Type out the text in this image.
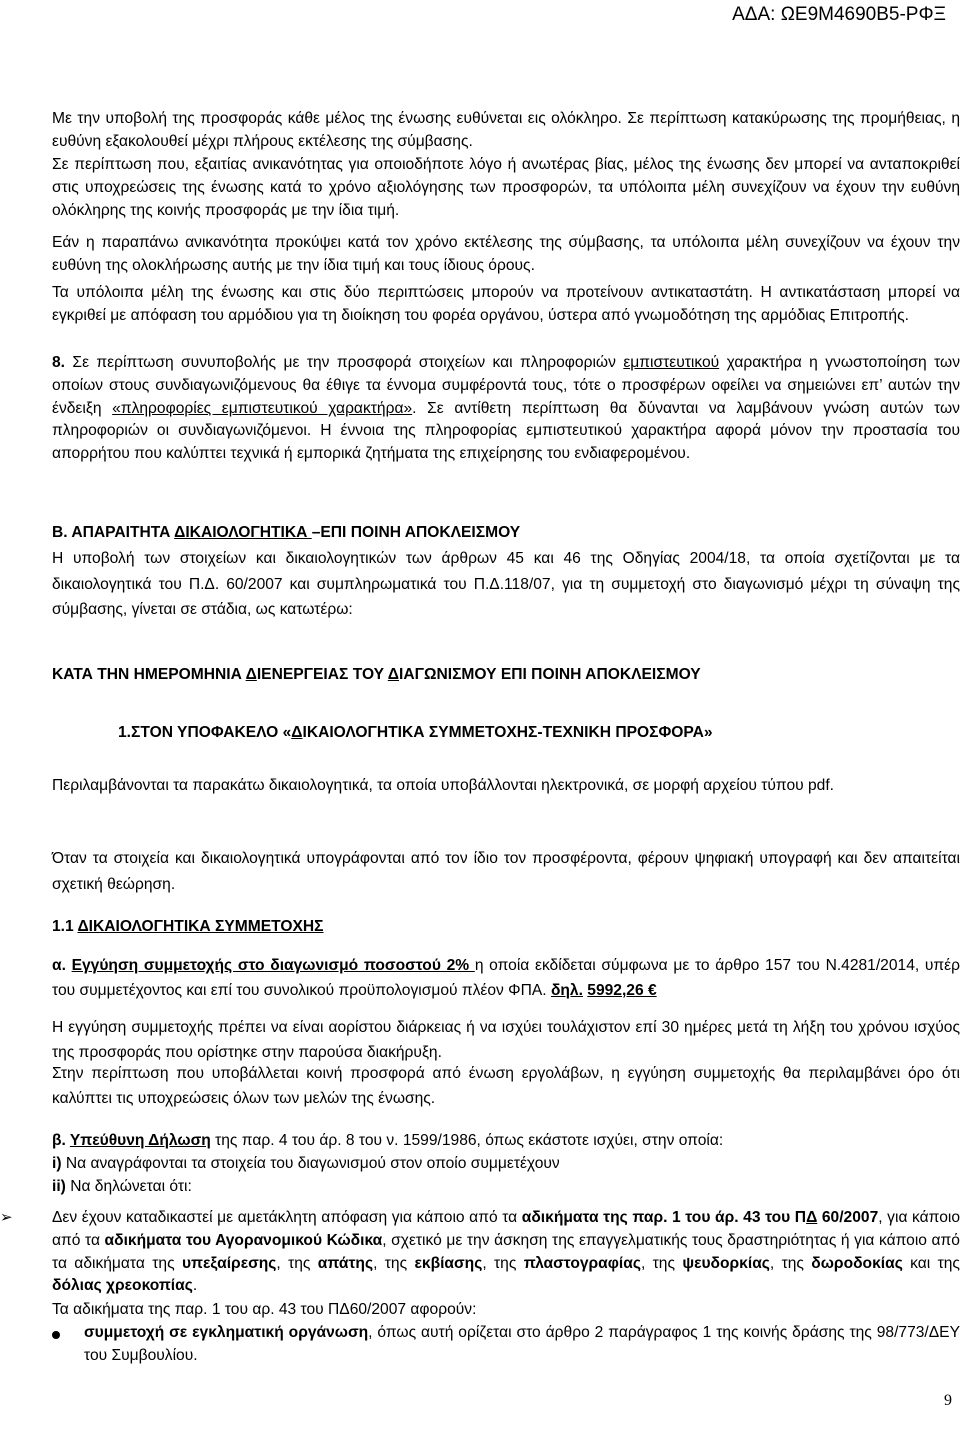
ΑΔΑ: ΩΕ9Μ4690Β5-ΡΦΞ
Με την υποβολή της προσφοράς κάθε μέλος της ένωσης ευθύνεται εις ολόκληρο. Σε περίπτωση κατακύρωσης της προμήθειας, η ευθύνη εξακολουθεί μέχρι πλήρους εκτέλεσης της σύμβασης.
Σε περίπτωση που, εξαιτίας ανικανότητας για οποιοδήποτε λόγο ή ανωτέρας βίας, μέλος της ένωσης δεν μπορεί να ανταποκριθεί στις υποχρεώσεις της ένωσης κατά το χρόνο αξιολόγησης των προσφορών, τα υπόλοιπα μέλη συνεχίζουν να έχουν την ευθύνη ολόκληρης της κοινής προσφοράς με την ίδια τιμή.
Εάν η παραπάνω ανικανότητα προκύψει κατά τον χρόνο εκτέλεσης της σύμβασης, τα υπόλοιπα μέλη συνεχίζουν να έχουν την ευθύνη της ολοκλήρωσης αυτής με την ίδια τιμή και τους ίδιους όρους.
Τα υπόλοιπα μέλη της ένωσης και στις δύο περιπτώσεις μπορούν να προτείνουν αντικαταστάτη. Η αντικατάσταση μπορεί να εγκριθεί με απόφαση του αρμόδιου για τη διοίκηση του φορέα οργάνου, ύστερα από γνωμοδότηση της αρμόδιας Επιτροπής.
8. Σε περίπτωση συνυποβολής με την προσφορά στοιχείων και πληροφοριών εμπιστευτικού χαρακτήρα η γνωστοποίηση των οποίων στους συνδιαγωνιζόμενους θα έθιγε τα έννομα συμφέροντά τους, τότε ο προσφέρων οφείλει να σημειώνει επ’ αυτών την ένδειξη «πληροφορίες εμπιστευτικού χαρακτήρα». Σε αντίθετη περίπτωση θα δύνανται να λαμβάνουν γνώση αυτών των πληροφοριών οι συνδιαγωνιζόμενοι. Η έννοια της πληροφορίας εμπιστευτικού χαρακτήρα αφορά μόνον την προστασία του απορρήτου που καλύπτει τεχνικά ή εμπορικά ζητήματα της επιχείρησης του ενδιαφερομένου.
Β. ΑΠΑΡΑΙΤΗΤΑ ΔΙΚΑΙΟΛΟΓΗΤΙΚΑ –ΕΠΙ ΠΟΙΝΗ ΑΠΟΚΛΕΙΣΜΟΥ
Η υποβολή των στοιχείων και δικαιολογητικών των άρθρων 45 και 46 της Οδηγίας 2004/18, τα οποία σχετίζονται με τα δικαιολογητικά του Π.Δ. 60/2007 και συμπληρωματικά του Π.Δ.118/07, για τη συμμετοχή στο διαγωνισμό μέχρι τη σύναψη της σύμβασης, γίνεται σε στάδια, ως κατωτέρω:
ΚΑΤΑ ΤΗΝ ΗΜΕΡΟΜΗΝΙΑ ΔΙΕΝΕΡΓΕΙΑΣ ΤΟΥ ΔΙΑΓΩΝΙΣΜΟΥ ΕΠΙ ΠΟΙΝΗ ΑΠΟΚΛΕΙΣΜΟΥ
1.ΣΤΟΝ ΥΠΟΦΑΚΕΛΟ «ΔΙΚΑΙΟΛΟΓΗΤΙΚΑ ΣΥΜΜΕΤΟΧΗΣ-ΤΕΧΝΙΚΗ ΠΡΟΣΦΟΡΑ»
Περιλαμβάνονται τα παρακάτω δικαιολογητικά, τα οποία υποβάλλονται ηλεκτρονικά, σε μορφή αρχείου τύπου pdf.
Όταν τα στοιχεία και δικαιολογητικά υπογράφονται από τον ίδιο τον προσφέροντα, φέρουν ψηφιακή υπογραφή και δεν απαιτείται σχετική θεώρηση.
1.1 ΔΙΚΑΙΟΛΟΓΗΤΙΚΑ ΣΥΜΜΕΤΟΧΗΣ
α. Εγγύηση συμμετοχής στο διαγωνισμό ποσοστού 2% η οποία εκδίδεται σύμφωνα με το άρθρο 157 του Ν.4281/2014, υπέρ του συμμετέχοντος και επί του συνολικού προϋπολογισμού πλέον ΦΠΑ. δηλ. 5992,26 €
Η εγγύηση συμμετοχής πρέπει να είναι αορίστου διάρκειας ή να ισχύει τουλάχιστον επί 30 ημέρες μετά τη λήξη του χρόνου ισχύος της προσφοράς που ορίστηκε στην παρούσα διακήρυξη.
Στην περίπτωση που υποβάλλεται κοινή προσφορά από ένωση εργολάβων, η εγγύηση συμμετοχής θα περιλαμβάνει όρο ότι καλύπτει τις υποχρεώσεις όλων των μελών της ένωσης.
β. Υπεύθυνη Δήλωση της παρ. 4 του άρ. 8 του ν. 1599/1986, όπως εκάστοτε ισχύει, στην οποία:
i) Να αναγράφονται τα στοιχεία του διαγωνισμού στον οποίο συμμετέχουν
ii) Να δηλώνεται ότι:
➢	Δεν έχουν καταδικαστεί με αμετάκλητη απόφαση για κάποιο από τα αδικήματα της παρ. 1 του άρ. 43 του ΠΔ 60/2007, για κάποιο από τα αδικήματα του Αγορανομικού Κώδικα, σχετικό με την άσκηση της επαγγελματικής τους δραστηριότητας ή για κάποιο από τα αδικήματα της υπεξαίρεσης, της απάτης, της εκβίασης, της πλαστογραφίας, της ψευδορκίας, της δωροδοκίας και της δόλιας χρεοκοπίας.
Τα αδικήματα της παρ. 1 του αρ. 43 του ΠΔ60/2007 αφορούν:
συμμετοχή σε εγκληματική οργάνωση, όπως αυτή ορίζεται στο άρθρο 2 παράγραφος 1 της κοινής δράσης της 98/773/ΔΕΥ του Συμβουλίου.
9
